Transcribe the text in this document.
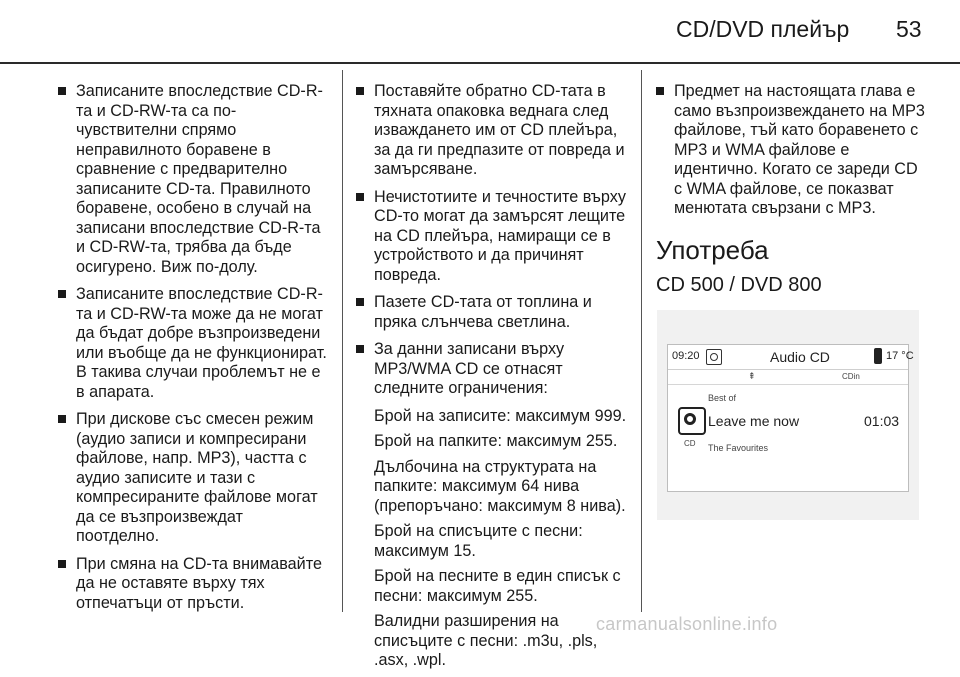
CD/DVD плейър 53
Записаните впоследствие CD-R-та и CD-RW-та са по-чувствителни спрямо неправилното боравене в сравнение с предварително записаните CD-та. Правилното боравене, особено в случай на записани впоследствие CD-R-та и CD-RW-та, трябва да бъде осигурено. Виж по-долу.
Записаните впоследствие CD-R-та и CD-RW-та може да не могат да бъдат добре възпроизведени или въобще да не функционират. В такива случаи проблемът не е в апарата.
При дискове със смесен режим (аудио записи и компресирани файлове, напр. MP3), частта с аудио записите и тази с компресираните файлове могат да се възпроизвеждат поотделно.
При смяна на CD-та внимавайте да не оставяте върху тях отпечатъци от пръсти.
Поставяйте обратно CD-тата в тяхната опаковка веднага след изваждането им от CD плейъра, за да ги предпазите от повреда и замърсяване.
Нечистотиите и течностите върху CD-то могат да замърсят лещите на CD плейъра, намиращи се в устройството и да причинят повреда.
Пазете CD-тата от топлина и пряка слънчева светлина.
За данни записани върху MP3/WMA CD се отнасят следните ограничения:

Брой на записите: максимум 999.

Брой на папките: максимум 255.

Дълбочина на структурата на папките: максимум 64 нива (препоръчано: максимум 8 нива).

Брой на списъците с песни: максимум 15.

Брой на песните в един списък с песни: максимум 255.

Валидни разширения на списъците с песни: .m3u, .pls, .asx, .wpl.

Предмет на настоящата глава е само възпроизвеждането на MP3 файлове, тъй като боравенето с MP3 и WMA файлове е идентично. Когато се зареди CD с WMA файлове, се показват менютата свързани с MP3.
Употреба
CD 500 / DVD 800
09:20	Audio CD	17 °C
⇞	CDin
Best of
CD
Leave me now	01:03
The Favourites
carmanualsonline.info
